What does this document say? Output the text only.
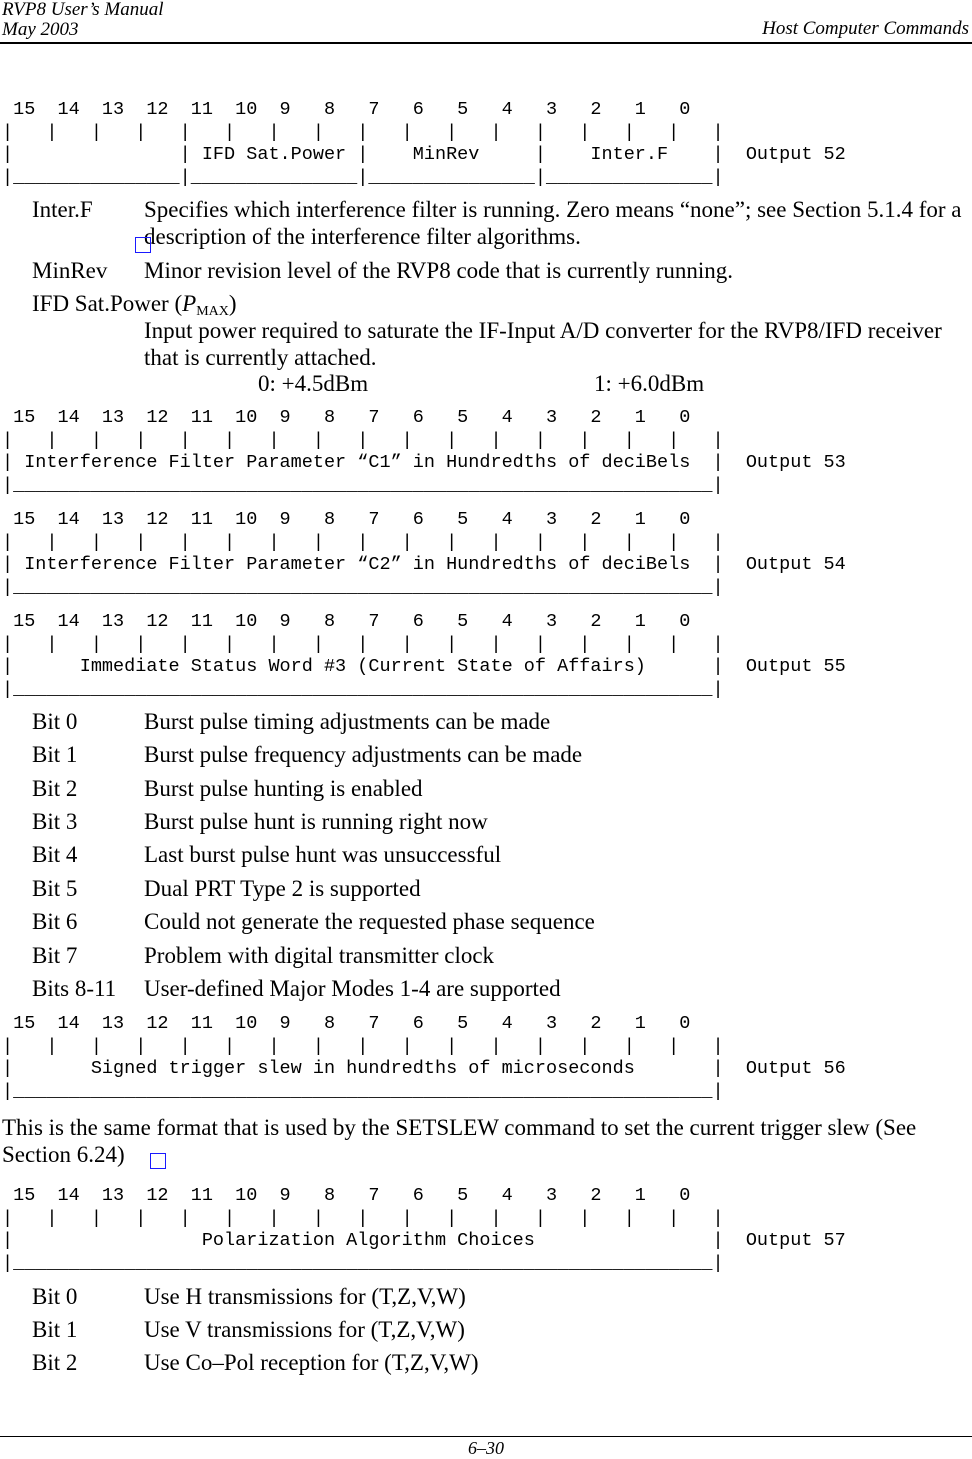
RVP8 User’s Manual
May 2003	Host Computer Commands
15  14  13  12  11  10  9   8   7   6   5   4   3   2   1   0
|   |   |   |   |   |   |   |   |   |   |   |   |   |   |   |   |
|               | IFD Sat.Power |    MinRev     |    Inter.F    |  Output 52
|_______________|_______________|_______________|_______________|
Inter.F Specifies which interference filter is running. Zero means “none”; see Section 5.1.4 for a description of the interference filter algorithms.
MinRev Minor revision level of the RVP8 code that is currently running.
IFD Sat.Power $(P_{MAX})$
Input power required to saturate the IF-Input A/D converter for the RVP8/IFD receiver that is currently attached.
0: +4.5dBm	1: +6.0dBm
15  14  13  12  11  10  9   8   7   6   5   4   3   2   1   0
|   |   |   |   |   |   |   |   |   |   |   |   |   |   |   |   |
| Interference Filter Parameter “C1” in Hundredths of deciBels  |  Output 53
|_______________________________________________________________|
15  14  13  12  11  10  9   8   7   6   5   4   3   2   1   0
|   |   |   |   |   |   |   |   |   |   |   |   |   |   |   |   |
| Interference Filter Parameter “C2” in Hundredths of deciBels  |  Output 54
|_______________________________________________________________|
15  14  13  12  11  10  9   8   7   6   5   4   3   2   1   0
|   |   |   |   |   |   |   |   |   |   |   |   |   |   |   |   |
|      Immediate Status Word #3 (Current State of Affairs)      |  Output 55
|_______________________________________________________________|
Bit 0	Burst pulse timing adjustments can be made
Bit 1	Burst pulse frequency adjustments can be made
Bit 2	Burst pulse hunting is enabled
Bit 3	Burst pulse hunt is running right now
Bit 4	Last burst pulse hunt was unsuccessful
Bit 5	Dual PRT Type 2 is supported
Bit 6	Could not generate the requested phase sequence
Bit 7	Problem with digital transmitter clock
Bits 8-11 User-defined Major Modes 1-4 are supported
15  14  13  12  11  10  9   8   7   6   5   4   3   2   1   0
|   |   |   |   |   |   |   |   |   |   |   |   |   |   |   |   |
|       Signed trigger slew in hundredths of microseconds       |  Output 56
|_______________________________________________________________|
This is the same format that is used by the SETSLEW command to set the current trigger slew (See Section 6.24)
15  14  13  12  11  10  9   8   7   6   5   4   3   2   1   0
|   |   |   |   |   |   |   |   |   |   |   |   |   |   |   |   |
|                 Polarization Algorithm Choices                |  Output 57
|_______________________________________________________________|
Bit 0	Use H transmissions for (T,Z,V,W)
Bit 1	Use V transmissions for (T,Z,V,W)
Bit 2	Use Co–Pol reception for (T,Z,V,W)
6–30
